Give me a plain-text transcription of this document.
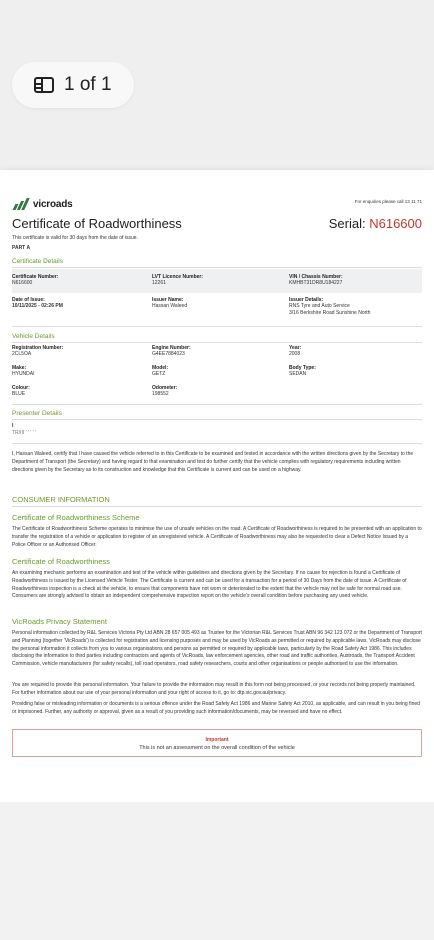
1 of 1
vicroads	For enquiries please call 13 11 71
Certificate of Roadworthiness	Serial: N616600
This certificate is valid for 30 days from the date of issue.
PART A
Certificate Details
Certificate Number:
N616600
LVT Licence Number:
12261
VIN / Chassis Number:
KMHBT31DR8U184227
Date of Issue:
10/11/2025 - 02:26 PM
Issuer Name:
Hassan Waleed
Issuer Details:
RNS Tyre and Auto Service
3/16 Berkshire Road Sunshine North
Vehicle Details
Registration Number:
2CL5OA
Engine Number:
G4EE7884023
Year:
2008
Make:
HYUNDAI
Model:
GETZ
Body Type:
SEDAN
Colour:
BLUE
Odometer:
198552
Presenter Details
I
TR/III ' ' ' ' '
I, Hassan Waleed, certify that I have caused the vehicle referred to in this Certificate to be examined and tested in accordance with the written directions given by the Secretary to the Department of Transport (the Secretary) and having regard to that examination and test do further certify that the vehicle complies with regulatory requirements including written directions given by the Secretary as to its construction and knowledge that this Certificate is current and can be used on a highway.
CONSUMER INFORMATION
Certificate of Roadworthiness Scheme
The Certificate of Roadworthiness Scheme operates to minimise the use of unsafe vehicles on the road. A Certificate of Roadworthiness is required to be presented with an application to transfer the registration of a vehicle or application to register of an unregistered vehicle. A Certificate of Roadworthiness may also be requested to clear a Defect Notice Issued by a Police Officer or an Authorised Officer.
Certificate of Roadworthiness
An examining mechanic performs an examination and test of the vehicle within guidelines and directions given by the Secretary. If no cause for rejection is found a Certificate of Roadworthiness is issued by the Licensed Vehicle Tester. The Certificate is current and can be used for a transaction for a period of 30 Days from the date of issue. A Certificate of Roadworthiness inspection is a check at the vehicle, to ensure that components have not worn or deteriorated to the extent that the vehicle may not be safe for normal road use. Consumers are strongly advised to obtain an independent comprehensive inspection report on the vehicle's overall condition before purchasing any used vehicle.
VicRoads Privacy Statement
Personal information collected by R&L Services Victoria Pty Ltd ABN 28 657 005 493 as Trustee for the Victorian R&L Services Trust ABN 96 342 123 072 or the Department of Transport and Planning (together 'VicRoads') is collected for registration and licensing purposes and may be used by VicRoads as permitted or required by applicable laws. VicRoads may disclose the personal information it collects from you to various organisations and persons as permitted or required by applicable laws, particularly by the Road Safety Act 1986. This includes disclosing the information to third parties including contractors and agents of VicRoads, law enforcement agencies, other road and traffic authorities, Austroads, the Transport Accident Commission, vehicle manufacturers (for safety recalls), toll road operators, road safety researchers, courts and other organisations or people authorised to use the information.
You are required to provide this personal information. Your failure to provide the information may result in this form not being processed, or your records not being properly maintained. For further information about our use of your personal information and your right of access to it, go to: dtp.vic.gov.au/privacy.
Providing false or misleading information or documents is a serious offence under the Road Safety Act 1986 and Marine Safety Act 2010, as applicable, and can result in you being fined or imprisoned. Further, any authority or approval, given as a result of you providing such information/documents, may be reversed and have no effect.
Important
This is not an assessment on the overall condition of the vehicle
